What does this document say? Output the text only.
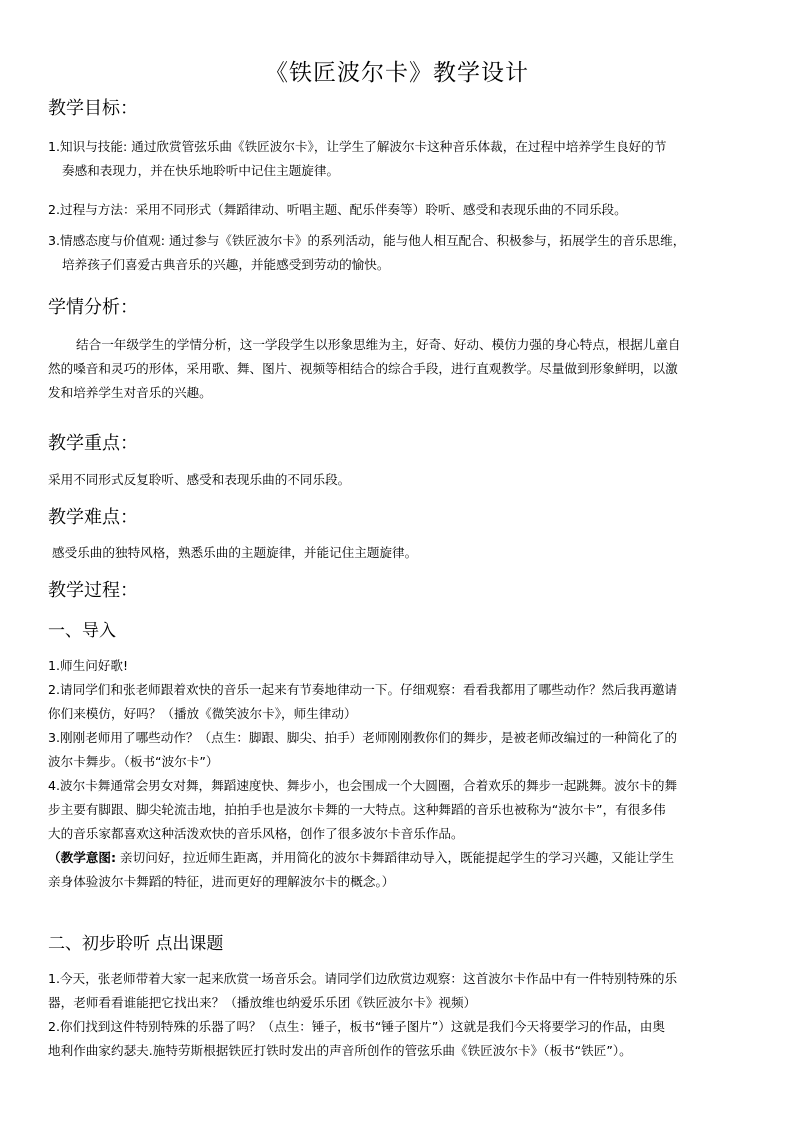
《铁匠波尔卡》教学设计
教学目标：
1.知识与技能: 通过欣赏管弦乐曲《铁匠波尔卡》，让学生了解波尔卡这种音乐体裁，在过程中培养学生良好的节
奏感和表现力，并在快乐地聆听中记住主题旋律。
2.过程与方法：采用不同形式（舞蹈律动、听唱主题、配乐伴奏等）聆听、感受和表现乐曲的不同乐段。
3.情感态度与价值观: 通过参与《铁匠波尔卡》的系列活动，能与他人相互配合、积极参与，拓展学生的音乐思维，
培养孩子们喜爱古典音乐的兴趣，并能感受到劳动的愉快。
学情分析：
结合一年级学生的学情分析，这一学段学生以形象思维为主，好奇、好动、模仿力强的身心特点，根据儿童自
然的嗓音和灵巧的形体，采用歌、舞、图片、视频等相结合的综合手段，进行直观教学。尽量做到形象鲜明，以激
发和培养学生对音乐的兴趣。
教学重点：
采用不同形式反复聆听、感受和表现乐曲的不同乐段。
教学难点：
感受乐曲的独特风格，熟悉乐曲的主题旋律，并能记住主题旋律。
教学过程：
一、导入
1.师生问好歌!
2.请同学们和张老师跟着欢快的音乐一起来有节奏地律动一下。仔细观察：看看我都用了哪些动作？然后我再邀请
你们来模仿，好吗？（播放《微笑波尔卡》，师生律动）
3.刚刚老师用了哪些动作？（点生：脚跟、脚尖、拍手）老师刚刚教你们的舞步，是被老师改编过的一种简化了的
波尔卡舞步。（板书“波尔卡”）
4.波尔卡舞通常会男女对舞，舞蹈速度快、舞步小，也会围成一个大圆圈，合着欢乐的舞步一起跳舞。波尔卡的舞
步主要有脚跟、脚尖轮流击地，拍拍手也是波尔卡舞的一大特点。这种舞蹈的音乐也被称为“波尔卡”，有很多伟
大的音乐家都喜欢这种活泼欢快的音乐风格，创作了很多波尔卡音乐作品。
（教学意图: 亲切问好，拉近师生距离，并用简化的波尔卡舞蹈律动导入，既能提起学生的学习兴趣，又能让学生
亲身体验波尔卡舞蹈的特征，进而更好的理解波尔卡的概念。）
二、初步聆听 点出课题
1.今天，张老师带着大家一起来欣赏一场音乐会。请同学们边欣赏边观察：这首波尔卡作品中有一件特别特殊的乐
器，老师看看谁能把它找出来？（播放维也纳爱乐乐团《铁匠波尔卡》视频）
2.你们找到这件特别特殊的乐器了吗？（点生：锤子，板书“锤子图片”）这就是我们今天将要学习的作品，由奥
地利作曲家约瑟夫.施特劳斯根据铁匠打铁时发出的声音所创作的管弦乐曲《铁匠波尔卡》（板书“铁匠”）。
